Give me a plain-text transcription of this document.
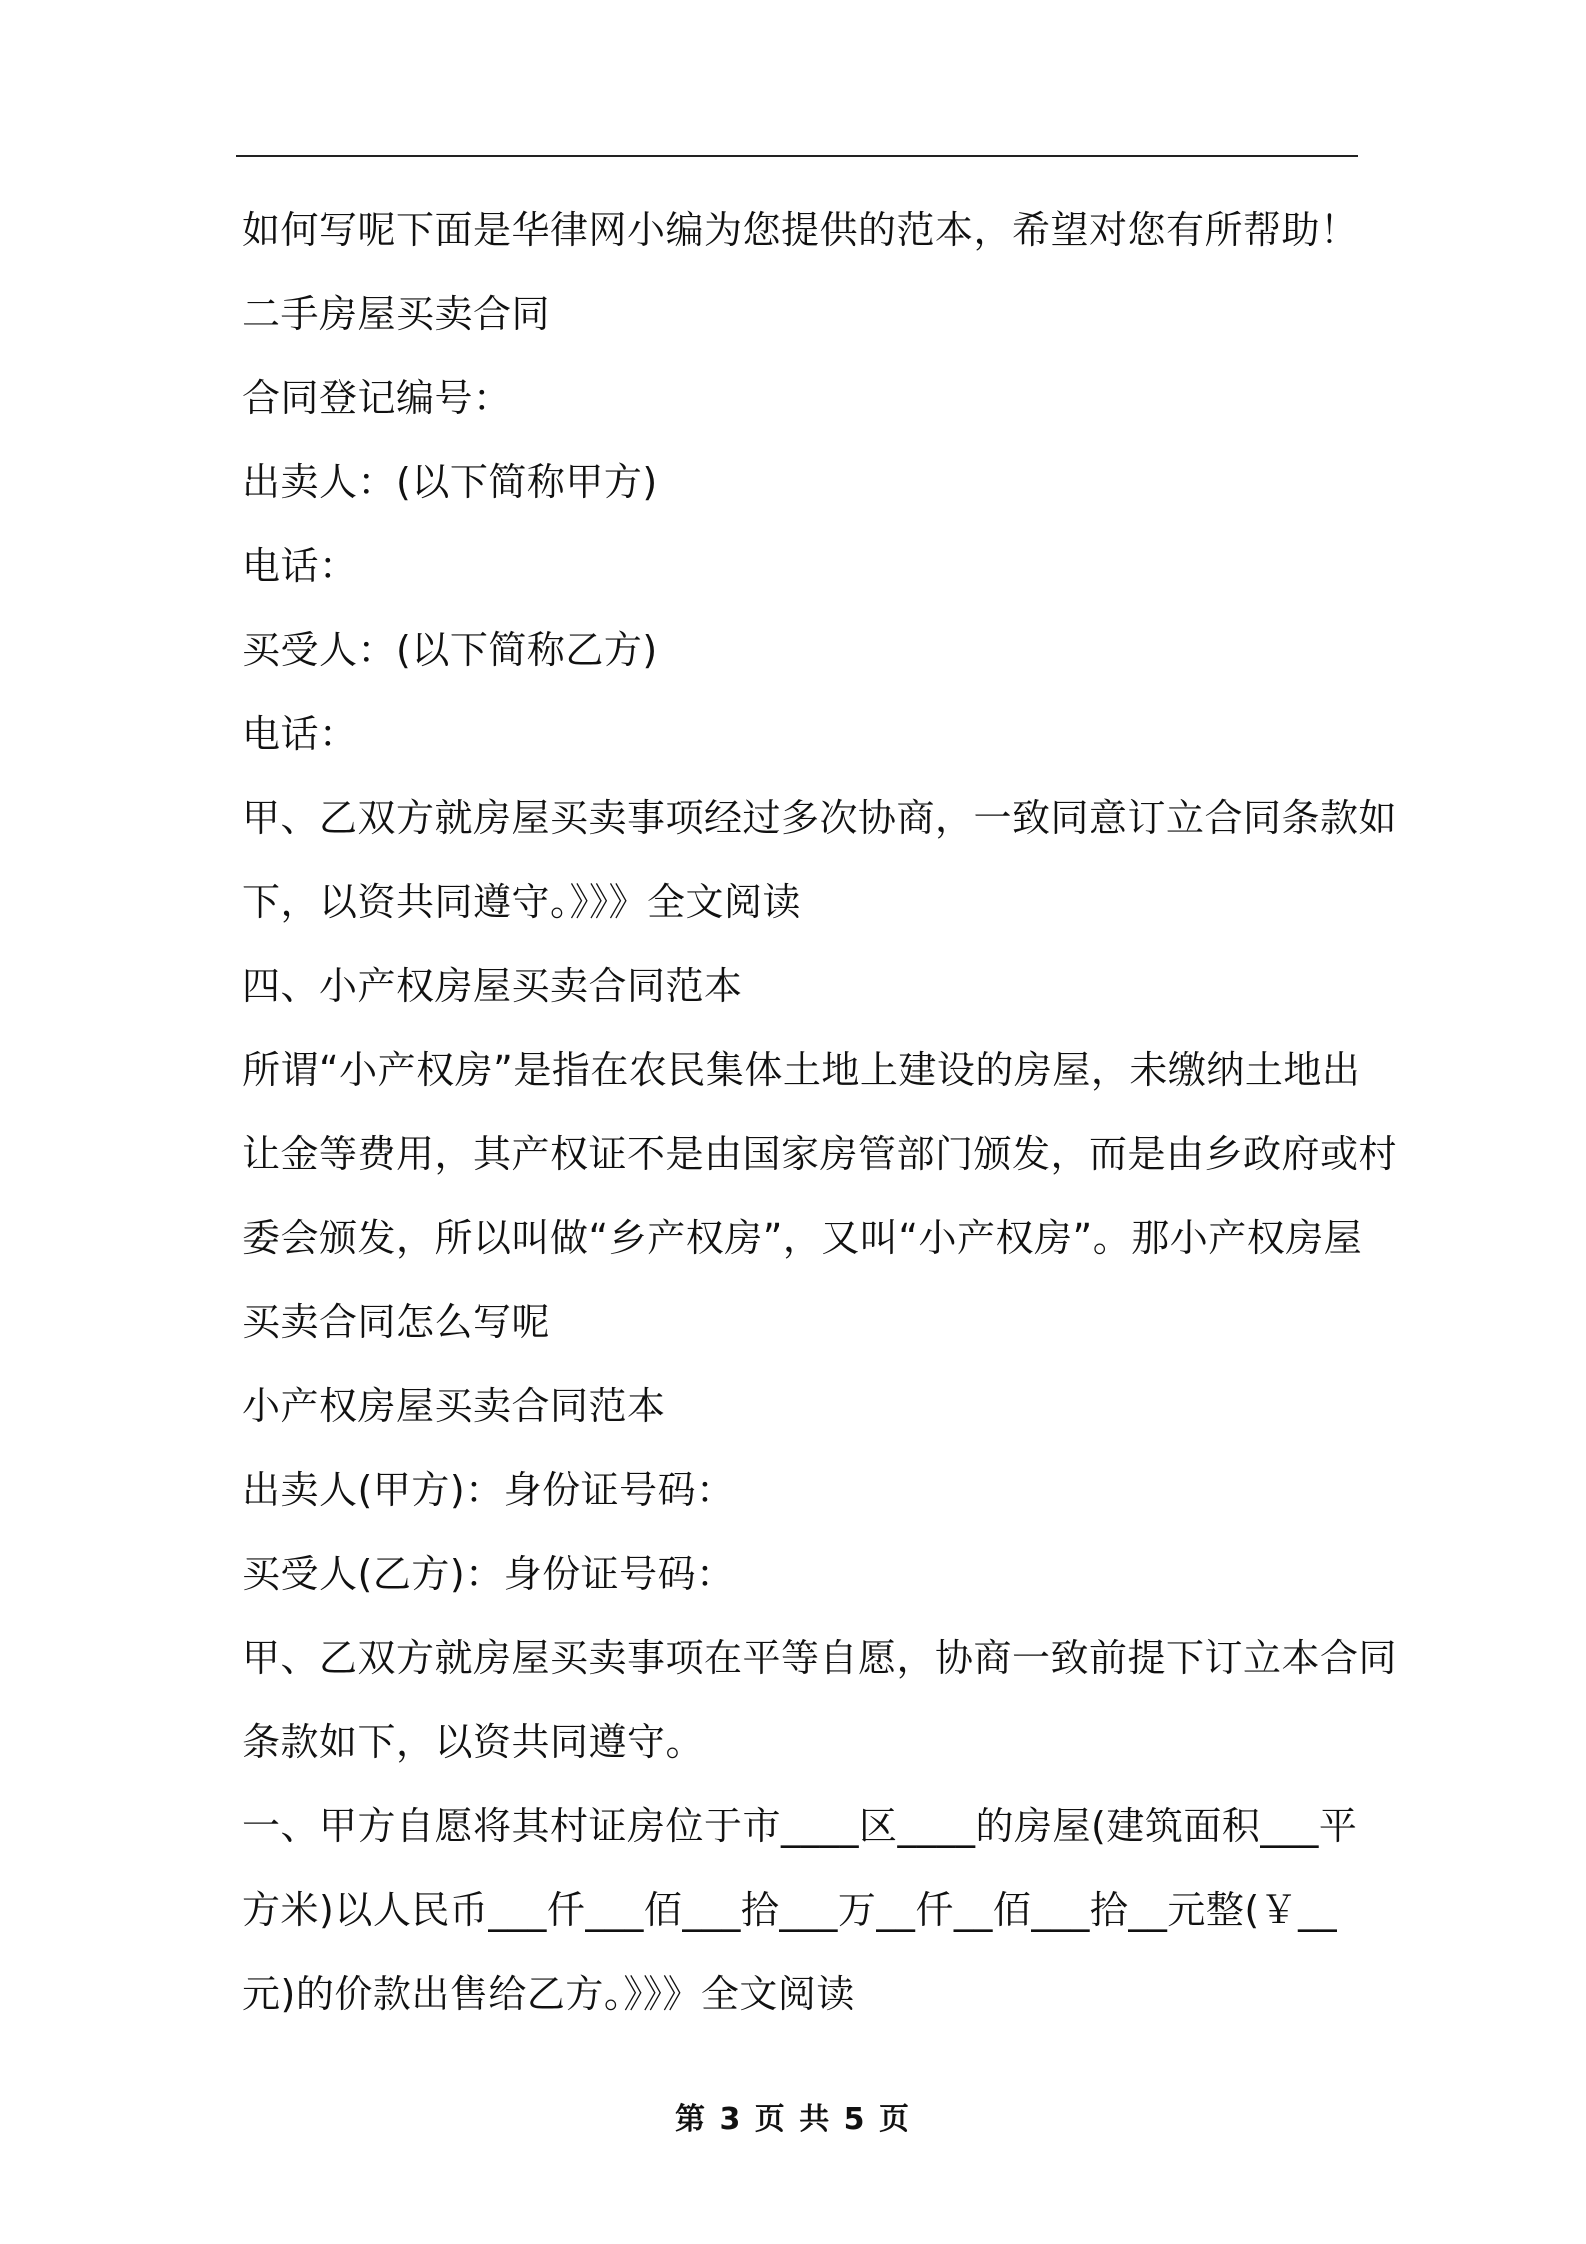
如何写呢下面是华律网小编为您提供的范本，希望对您有所帮助！
二手房屋买卖合同
合同登记编号：
出卖人：(以下简称甲方)
电话：
买受人：(以下简称乙方)
电话：
甲、乙双方就房屋买卖事项经过多次协商，一致同意订立合同条款如
下，以资共同遵守。》》》全文阅读
四、小产权房屋买卖合同范本
所谓“小产权房”是指在农民集体土地上建设的房屋，未缴纳土地出
让金等费用，其产权证不是由国家房管部门颁发，而是由乡政府或村
委会颁发，所以叫做“乡产权房”，又叫“小产权房”。那小产权房屋
买卖合同怎么写呢
小产权房屋买卖合同范本
出卖人(甲方)：身份证号码：
买受人(乙方)：身份证号码：
甲、乙双方就房屋买卖事项在平等自愿，协商一致前提下订立本合同
条款如下，以资共同遵守。
一、甲方自愿将其村证房位于市____区____的房屋(建筑面积___平
方米)以人民币___仟___佰___拾___万__仟__佰___拾__元整(￥__
元)的价款出售给乙方。》》》全文阅读
第 3 页 共 5 页
